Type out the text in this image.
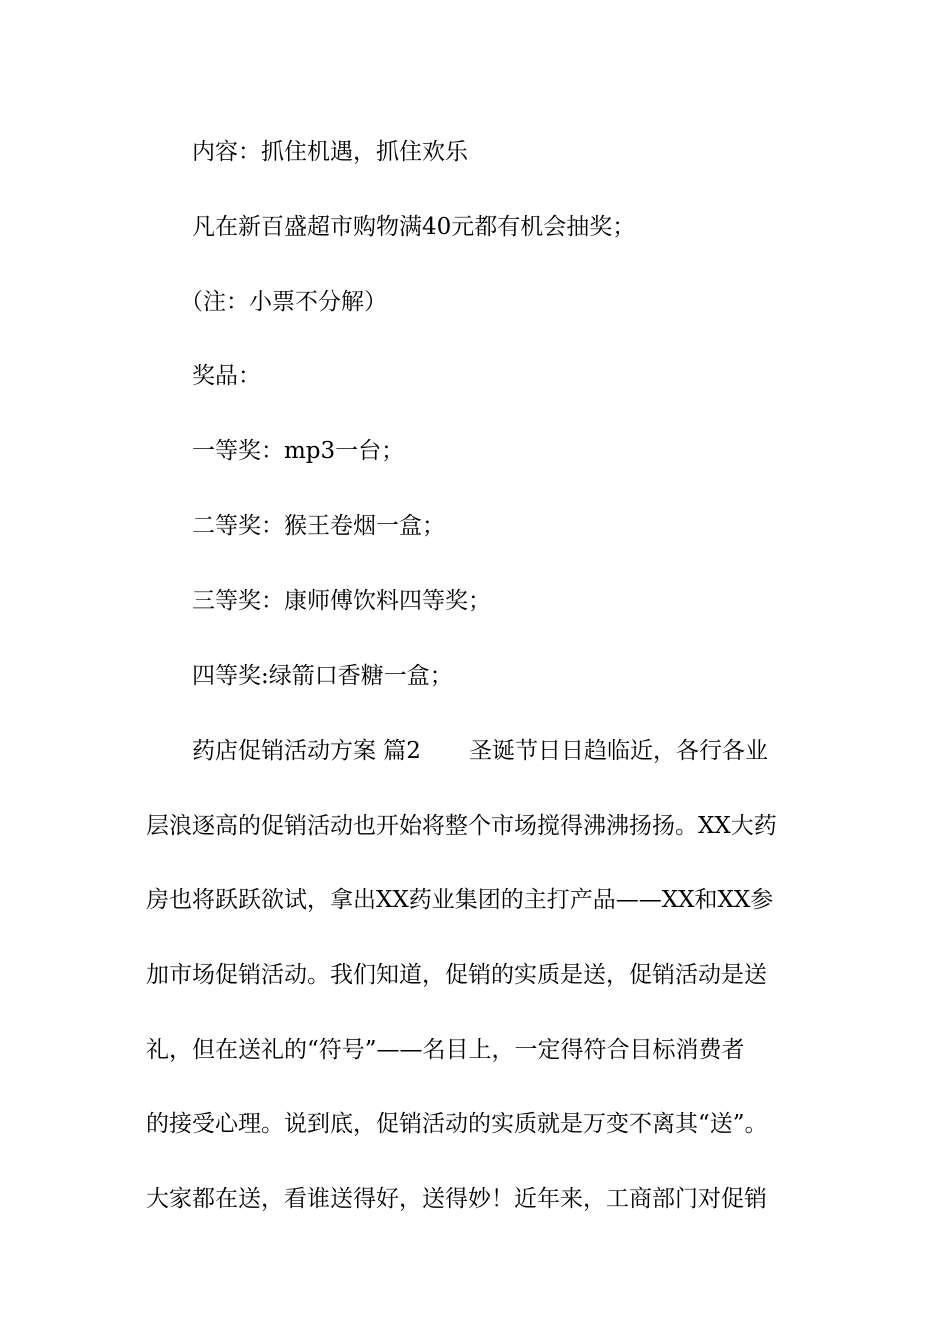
内容：抓住机遇，抓住欢乐
凡在新百盛超市购物满40元都有机会抽奖；
（注：小票不分解）
奖品：
一等奖：mp3一台；
二等奖：猴王卷烟一盒；
三等奖：康师傅饮料四等奖；
四等奖:绿箭口香糖一盒；
药店促销活动方案 篇2 圣诞节日日趋临近，各行各业
层浪逐高的促销活动也开始将整个市场搅得沸沸扬扬。XX大药
房也将跃跃欲试，拿出XX药业集团的主打产品——XX和XX参
加市场促销活动。我们知道，促销的实质是送，促销活动是送
礼，但在送礼的“符号”——名目上，一定得符合目标消费者
的接受心理。说到底，促销活动的实质就是万变不离其“送”。
大家都在送，看谁送得好，送得妙！近年来，工商部门对促销
